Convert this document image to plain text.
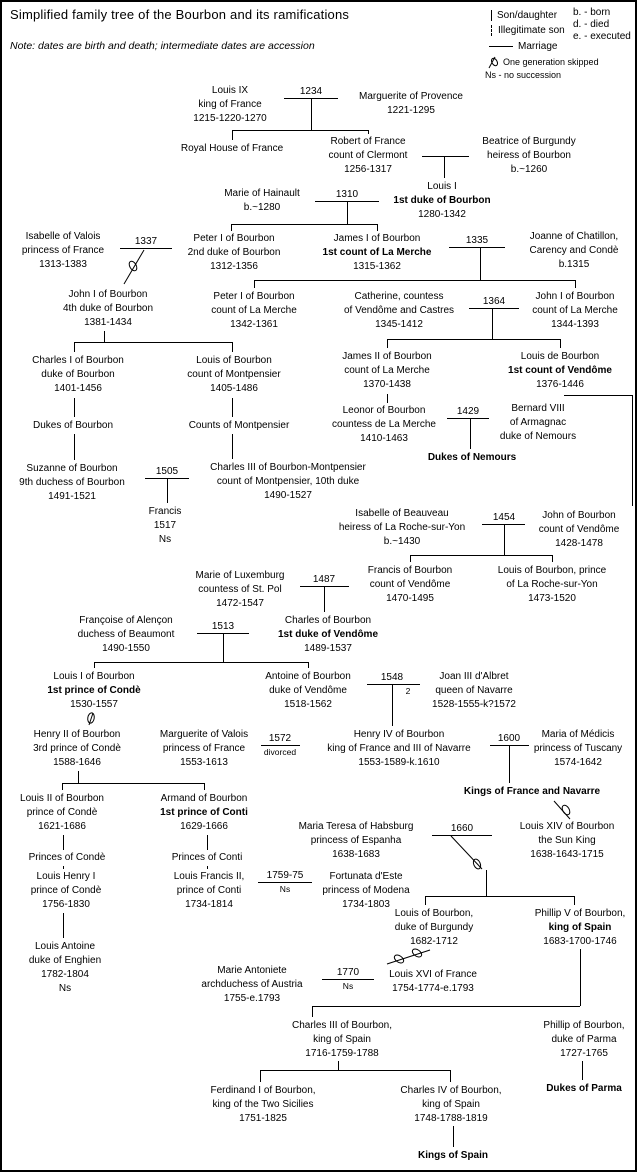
Simplified family tree of the Bourbon and its ramifications
Note: dates are birth and death; intermediate dates are accession
Son/daughter
Illegitimate son
Marriage
One generation skipped
Ns - no succession
b. - born
d. - died
e. - executed
Louis IX
king of France
1215-1220-1270
Marguerite of Provence
1221-1295
Royal House of France
Robert of France
count of Clermont
1256-1317
Beatrice of Burgundy
heiress of Bourbon
b.~1260
Louis I
1st duke of Bourbon
1280-1342
Marie of Hainault
b.~1280
Isabelle of Valois
princess of France
1313-1383
Peter I of Bourbon
2nd duke of Bourbon
1312-1356
James I of Bourbon
1st count of La Merche
1315-1362
Joanne of Chatillon,
Carency and Condè
b.1315
John I of Bourbon
4th duke of Bourbon
1381-1434
Peter I of Bourbon
count of La Merche
1342-1361
Catherine, countess
of Vendôme and Castres
1345-1412
John I of Bourbon
count of La Merche
1344-1393
James II of Bourbon
count of La Merche
1370-1438
Louis de Bourbon
1st count of Vendôme
1376-1446
Charles I of Bourbon
duke of Bourbon
1401-1456
Louis of Bourbon
count of Montpensier
1405-1486
Dukes of Bourbon	Counts of Montpensier
Leonor of Bourbon
countess de La Merche
1410-1463
Bernard VIII
of Armagnac
duke of Nemours
Dukes of Nemours
Suzanne of Bourbon
9th duchess of Bourbon
1491-1521
Charles III of Bourbon-Montpensier
count of Montpensier, 10th duke
1490-1527
Francis
1517
Ns
Isabelle of Beauveau
heiress of La Roche-sur-Yon
b.~1430
John of Bourbon
count of Vendôme
1428-1478
Francis of Bourbon
count of Vendôme
1470-1495
Louis of Bourbon, prince
of La Roche-sur-Yon
1473-1520
Marie of Luxemburg
countess of St. Pol
1472-1547
Françoise of Alençon
duchess of Beaumont
1490-1550
Charles of Bourbon
1st duke of Vendôme
1489-1537
Louis I of Bourbon
1st prince of Condè
1530-1557
Antoine of Bourbon
duke of Vendôme
1518-1562
Joan III d'Albret
queen of Navarre
1528-1555-k?1572
Henry II of Bourbon
3rd prince of Condè
1588-1646
Marguerite of Valois
princess of France
1553-1613
Henry IV of Bourbon
king of France and III of Navarre
1553-1589-k.1610
Maria of Médicis
princess of Tuscany
1574-1642
Kings of France and Navarre
Louis II of Bourbon
prince of Condè
1621-1686
Armand of Bourbon
1st prince of Conti
1629-1666	Maria Teresa of Habsburg
princess of Espanha
1638-1683
Louis XIV of Bourbon
the Sun King
1638-1643-1715
Princes of Condè	Princes of Conti
Louis Henry I
prince of Condè
1756-1830
Louis Francis II,
prince of Conti
1734-1814
Fortunata d'Este
princess of Modena
1734-1803
Louis of Bourbon,
duke of Burgundy
1682-1712
Phillip V of Bourbon,
king of Spain
1683-1700-1746
Louis Antoine
duke of Enghien
1782-1804
Ns
Marie Antoniete
archduchess of Austria
1755-e.1793
Louis XVI of France
1754-1774-e.1793
Charles III of Bourbon,
king of Spain
1716-1759-1788
Phillip of Bourbon,
duke of Parma
1727-1765
Dukes of Parma
Ferdinand I of Bourbon,
king of the Two Sicilies
1751-1825
Charles IV of Bourbon,
king of Spain
1748-1788-1819
Kings of Spain
1234
1310
1337	1335
1364
1429
1505
1454
1487
1513
1548
2
1572
divorced
1600
1660
1759-75
Ns
1770
Ns
